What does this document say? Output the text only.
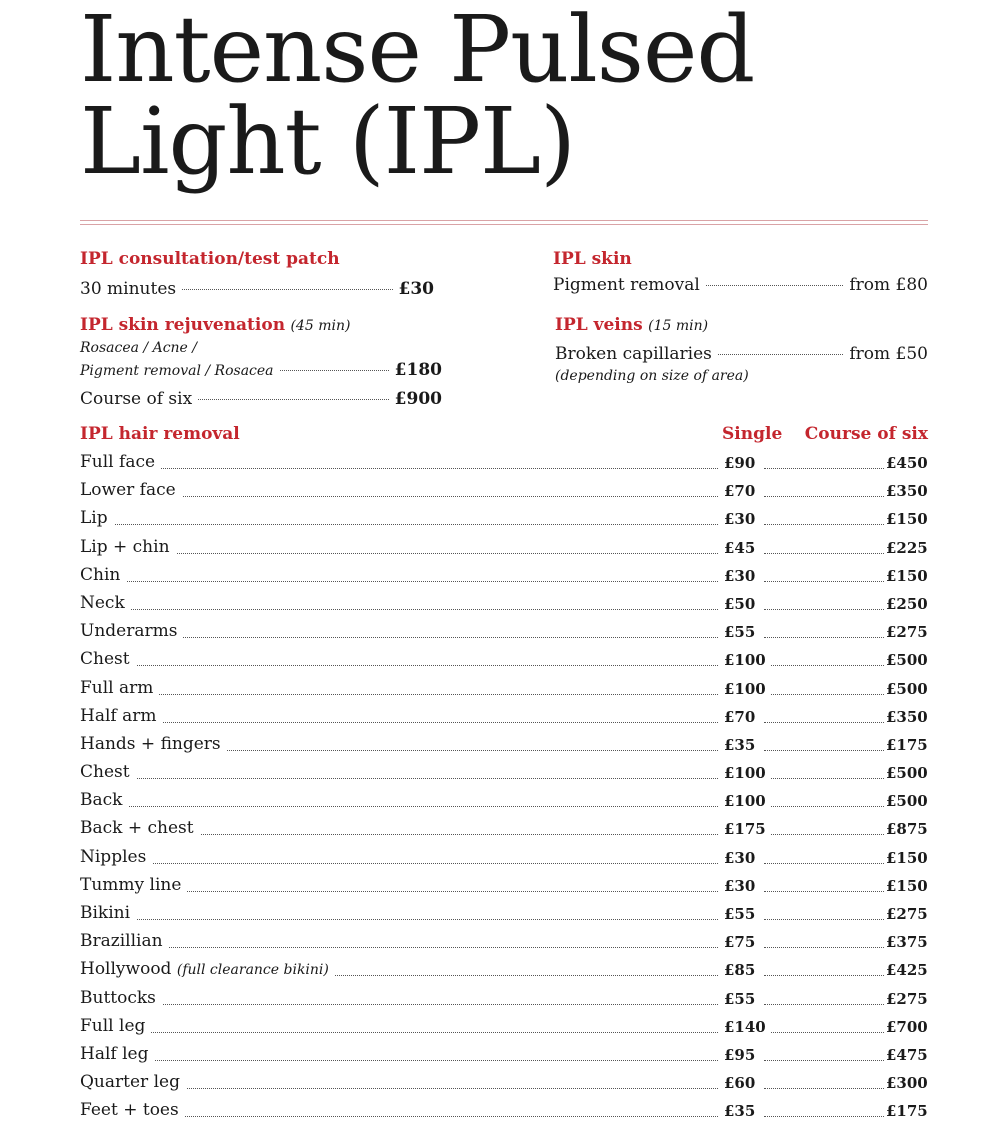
Intense Pulsed
Light (IPL)
IPL consultation/test patch
30 minutes	£30
IPL skin rejuvenation (45 min)
Rosacea / Acne /
Pigment removal / Rosacea	£180
Course of six	£900
IPL skin
Pigment removal	from £80
IPL veins (15 min)
Broken capillaries	from £50
(depending on size of area)
IPL hair removal	Single Course of six
Full face	£90	£450
Lower face	£70	£350
Lip	£30	£150
Lip + chin	£45	£225
Chin	£30	£150
Neck	£50	£250
Underarms	£55	£275
Chest	£100	£500
Full arm	£100	£500
Half arm	£70	£350
Hands + fingers	£35	£175
Chest	£100	£500
Back	£100	£500
Back + chest	£175	£875
Nipples	£30	£150
Tummy line	£30	£150
Bikini	£55	£275
Brazillian	£75	£375
Hollywood (full clearance bikini)	£85	£425
Buttocks	£55	£275
Full leg	£140	£700
Half leg	£95	£475
Quarter leg	£60	£300
Feet + toes	£35	£175
